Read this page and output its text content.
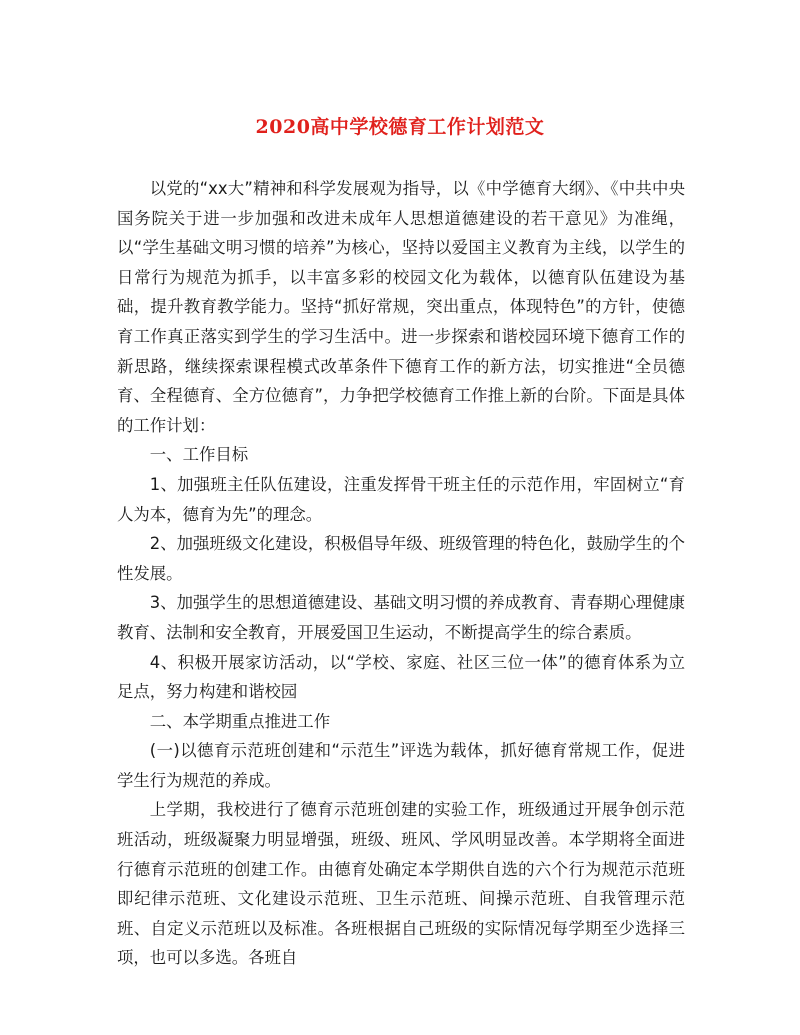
2020高中学校德育工作计划范文

以党的“xx大”精神和科学发展观为指导，以《中学德育大纲》、《中共中央国务院关于进一步加强和改进未成年人思想道德建设的若干意见》为准绳，以“学生基础文明习惯的培养”为核心，坚持以爱国主义教育为主线，以学生的日常行为规范为抓手，以丰富多彩的校园文化为载体，以德育队伍建设为基础，提升教育教学能力。坚持“抓好常规，突出重点，体现特色”的方针，使德育工作真正落实到学生的学习生活中。进一步探索和谐校园环境下德育工作的新思路，继续探索课程模式改革条件下德育工作的新方法，切实推进“全员德育、全程德育、全方位德育”，力争把学校德育工作推上新的台阶。下面是具体的工作计划：

一、工作目标

1、加强班主任队伍建设，注重发挥骨干班主任的示范作用，牢固树立“育人为本，德育为先”的理念。

2、加强班级文化建设，积极倡导年级、班级管理的特色化，鼓励学生的个性发展。

3、加强学生的思想道德建设、基础文明习惯的养成教育、青春期心理健康教育、法制和安全教育，开展爱国卫生运动，不断提高学生的综合素质。

4、积极开展家访活动，以“学校、家庭、社区三位一体”的德育体系为立足点，努力构建和谐校园

二、本学期重点推进工作

(一)以德育示范班创建和“示范生”评选为载体，抓好德育常规工作，促进学生行为规范的养成。

上学期，我校进行了德育示范班创建的实验工作，班级通过开展争创示范班活动，班级凝聚力明显增强，班级、班风、学风明显改善。本学期将全面进行德育示范班的创建工作。由德育处确定本学期供自选的六个行为规范示范班即纪律示范班、文化建设示范班、卫生示范班、间操示范班、自我管理示范班、自定义示范班以及标准。各班根据自己班级的实际情况每学期至少选择三项，也可以多选。各班自
